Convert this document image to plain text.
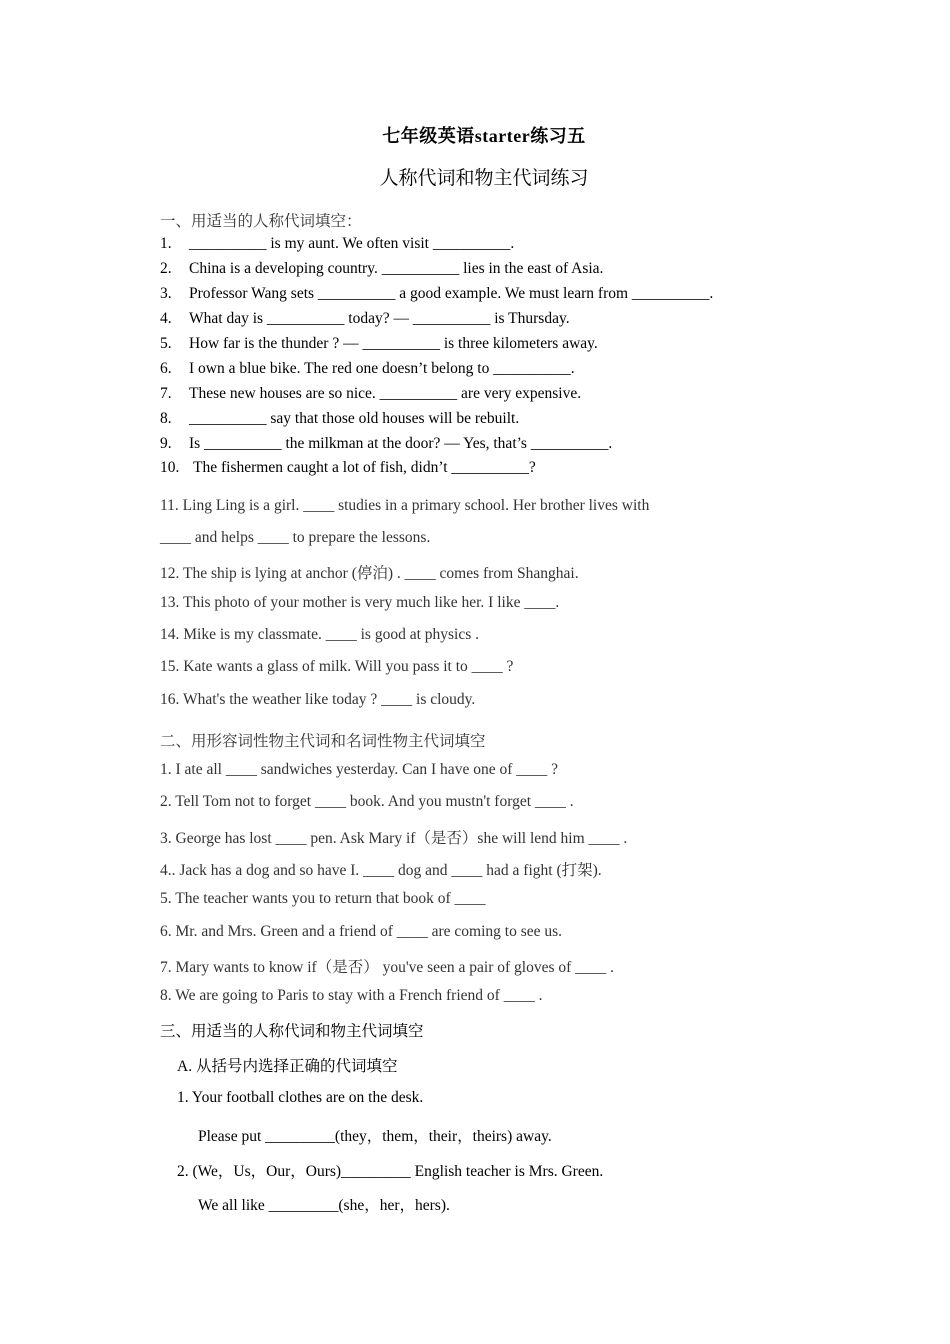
七年级英语starter练习五
人称代词和物主代词练习
一、用适当的人称代词填空：
1. __________ is my aunt. We often visit __________.
2. China is a developing country. __________ lies in the east of Asia.
3. Professor Wang sets __________ a good example. We must learn from __________.
4. What day is __________ today? — __________ is Thursday.
5. How far is the thunder ? — __________ is three kilometers away.
6. I own a blue bike. The red one doesn’t belong to __________.
7. These new houses are so nice. __________ are very expensive.
8. __________ say that those old houses will be rebuilt.
9. Is __________ the milkman at the door? — Yes, that’s __________.
10. The fishermen caught a lot of fish, didn’t __________?
11. Ling Ling is a girl. ____ studies in a primary school. Her brother lives with
____ and helps ____ to prepare the lessons.
12. The ship is lying at anchor (停泊) . ____ comes from Shanghai.
13. This photo of your mother is very much like her. I like ____.
14. Mike is my classmate. ____ is good at physics .
15. Kate wants a glass of milk. Will you pass it to ____ ?
16. What's the weather like today ? ____ is cloudy.
二、用形容词性物主代词和名词性物主代词填空
1. I ate all ____ sandwiches yesterday. Can I have one of ____ ?
2. Tell Tom not to forget ____ book. And you mustn't forget ____ .
3. George has lost ____ pen. Ask Mary if（是否）she will lend him ____ .
4.. Jack has a dog and so have I. ____ dog and ____ had a fight (打架).
5. The teacher wants you to return that book of ____
6. Mr. and Mrs. Green and a friend of ____ are coming to see us.
7. Mary wants to know if（是否） you've seen a pair of gloves of ____ .
8. We are going to Paris to stay with a French friend of ____ .
三、用适当的人称代词和物主代词填空
A. 从括号内选择正确的代词填空
1. Your football clothes are on the desk.
Please put _________(they，them，their，theirs) away.
2. (We，Us，Our，Ours)_________ English teacher is Mrs. Green.
We all like _________(she，her，hers).
